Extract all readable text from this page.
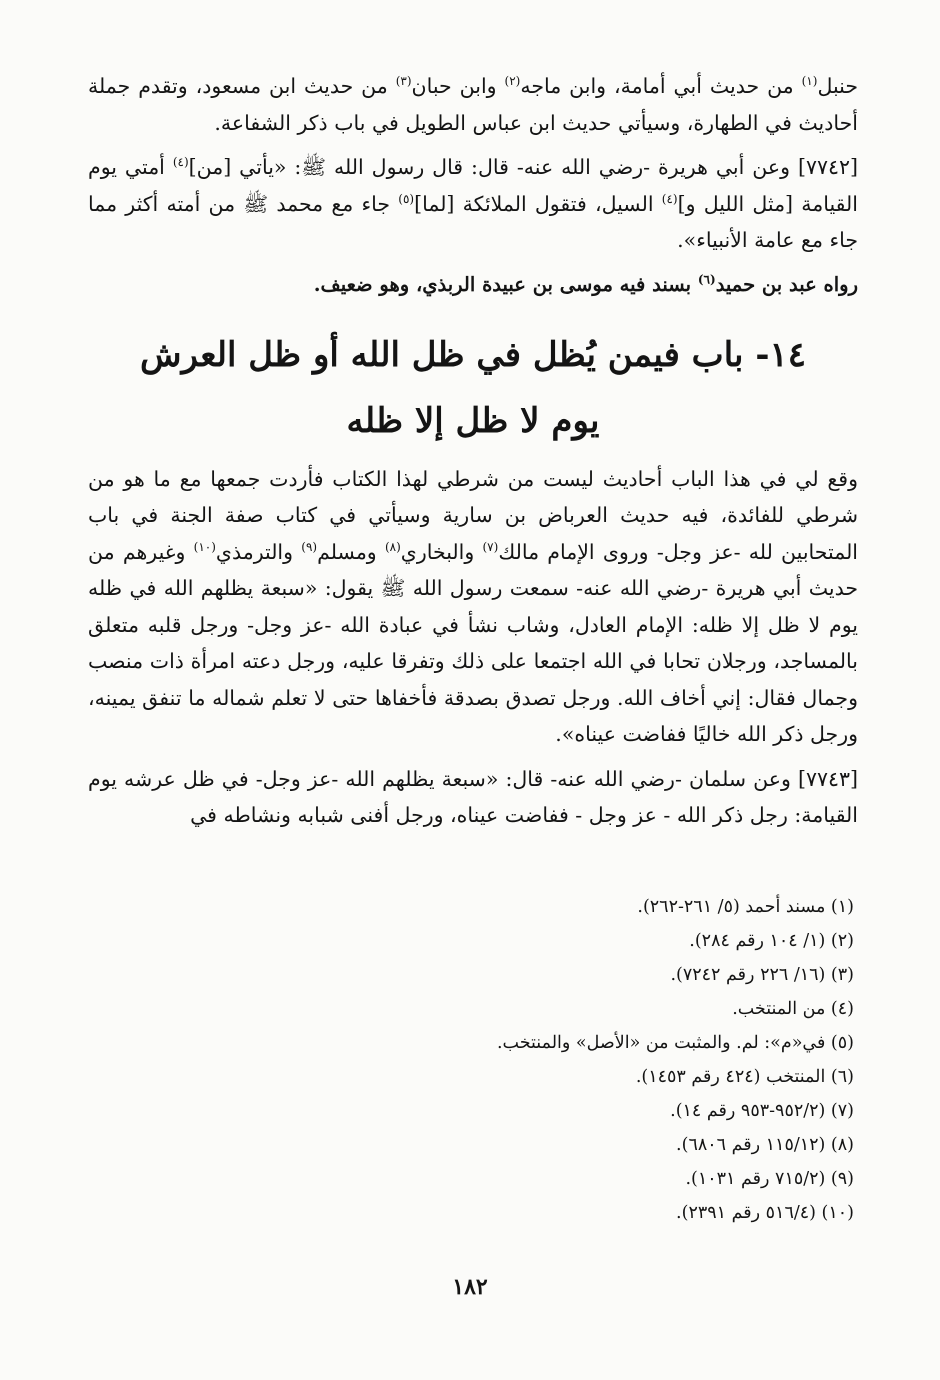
حنبل$^{(١)}$ من حديث أبي أمامة، وابن ماجه$^{(٢)}$ وابن حبان$^{(٣)}$ من حديث ابن مسعود، وتقدم جملة أحاديث في الطهارة، وسيأتي حديث ابن عباس الطويل في باب ذكر الشفاعة.

[٧٧٤٢] وعن أبي هريرة -رضي الله عنه- قال: قال رسول الله ﷺ: «يأتي [من]$^{(٤)}$ أمتي يوم القيامة [مثل الليل و]$^{(٤)}$ السيل، فتقول الملائكة [لما]$^{(٥)}$ جاء مع محمد ﷺ من أمته أكثر مما جاء مع عامة الأنبياء».

رواه عبد بن حميد$^{(٦)}$ بسند فيه موسى بن عبيدة الربذي، وهو ضعيف.

١٤- باب فيمن يُظل في ظل الله أو ظل العرش
يوم لا ظل إلا ظله

وقع لي في هذا الباب أحاديث ليست من شرطي لهذا الكتاب فأردت جمعها مع ما هو من شرطي للفائدة، فيه حديث العرباض بن سارية وسيأتي في كتاب صفة الجنة في باب المتحابين لله -عز وجل- وروى الإمام مالك$^{(٧)}$ والبخاري$^{(٨)}$ ومسلم$^{(٩)}$ والترمذي$^{(١٠)}$ وغيرهم من حديث أبي هريرة -رضي الله عنه- سمعت رسول الله ﷺ يقول: «سبعة يظلهم الله في ظله يوم لا ظل إلا ظله: الإمام العادل، وشاب نشأ في عبادة الله -عز وجل- ورجل قلبه متعلق بالمساجد، ورجلان تحابا في الله اجتمعا على ذلك وتفرقا عليه، ورجل دعته امرأة ذات منصب وجمال فقال: إني أخاف الله. ورجل تصدق بصدقة فأخفاها حتى لا تعلم شماله ما تنفق يمينه، ورجل ذكر الله خاليًا ففاضت عيناه».

[٧٧٤٣] وعن سلمان -رضي الله عنه- قال: «سبعة يظلهم الله -عز وجل- في ظل عرشه يوم القيامة: رجل ذكر الله - عز وجل - ففاضت عيناه، ورجل أفنى شبابه ونشاطه في

(١) مسند أحمد (٥/ ٢٦١-٢٦٢).
(٢) (١/ ١٠٤ رقم ٢٨٤).
(٣) (١٦/ ٢٢٦ رقم ٧٢٤٢).
(٤) من المنتخب.
(٥) في«م»: لم. والمثبت من «الأصل» والمنتخب.
(٦) المنتخب (٤٢٤ رقم ١٤٥٣).
(٧) (٩٥٢/٢-٩٥٣ رقم ١٤).
(٨) (١١٥/١٢ رقم ٦٨٠٦).
(٩) (٧١٥/٢ رقم ١٠٣١).
(١٠) (٥١٦/٤ رقم ٢٣٩١).
١٨٢
